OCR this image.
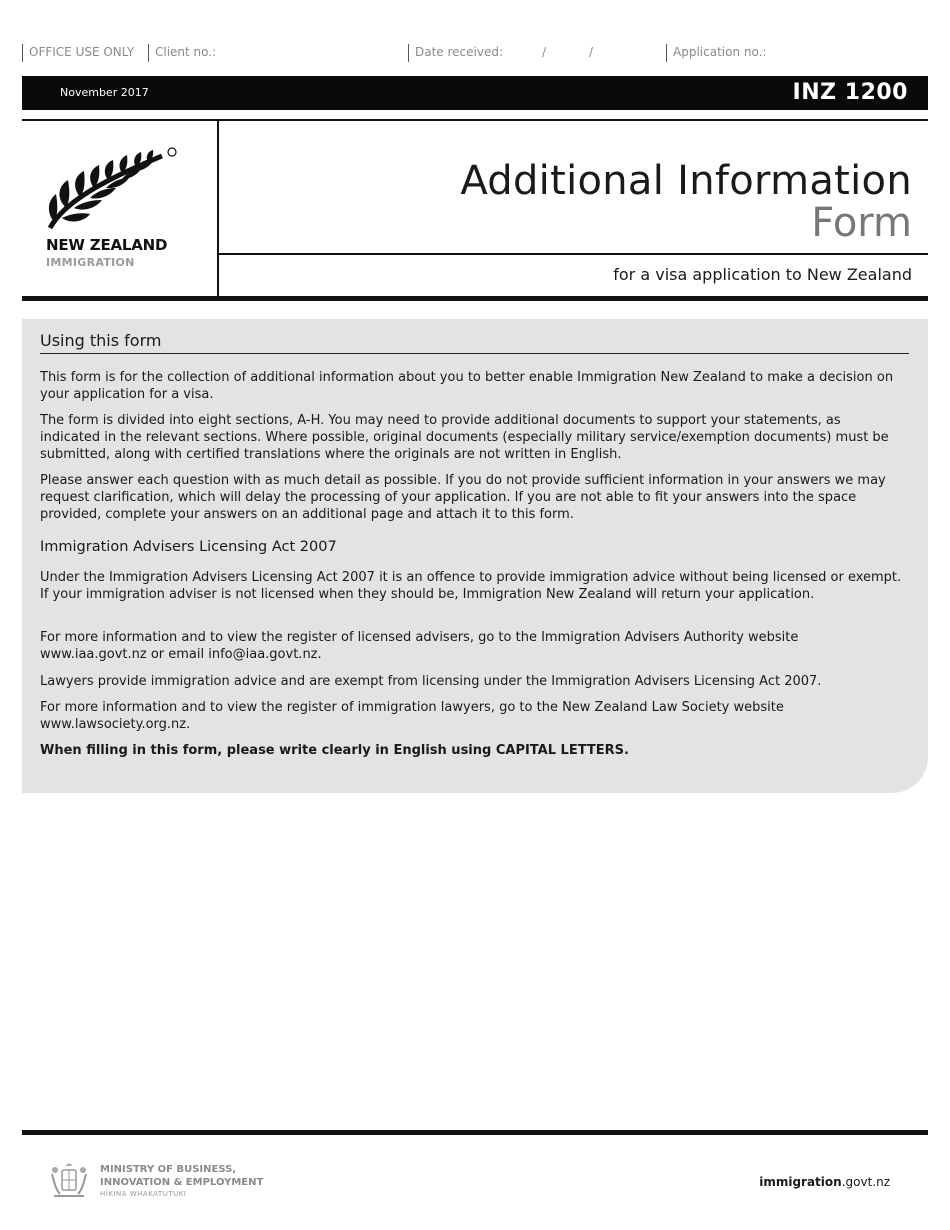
OFFICE USE ONLY	Client no.:	Date received:	/	/	Application no.:
November 2017	INZ 1200
NEW ZEALAND
IMMIGRATION
Additional Information
Form
for a visa application to New Zealand
Using this form
This form is for the collection of additional information about you to better enable Immigration New Zealand to make a decision on your application for a visa.
The form is divided into eight sections, A-H. You may need to provide additional documents to support your statements, as indicated in the relevant sections. Where possible, original documents (especially military service/exemption documents) must be submitted, along with certified translations where the originals are not written in English.
Please answer each question with as much detail as possible. If you do not provide sufficient information in your answers we may request clarification, which will delay the processing of your application. If you are not able to fit your answers into the space provided, complete your answers on an additional page and attach it to this form.
Immigration Advisers Licensing Act 2007
Under the Immigration Advisers Licensing Act 2007 it is an offence to provide immigration advice without being licensed or exempt. If your immigration adviser is not licensed when they should be, Immigration New Zealand will return your application.
For more information and to view the register of licensed advisers, go to the Immigration Advisers Authority website www.iaa.govt.nz or email info@iaa.govt.nz.
Lawyers provide immigration advice and are exempt from licensing under the Immigration Advisers Licensing Act 2007.
For more information and to view the register of immigration lawyers, go to the New Zealand Law Society website www.lawsociety.org.nz.
When filling in this form, please write clearly in English using CAPITAL LETTERS.
MINISTRY OF BUSINESS,
INNOVATION & EMPLOYMENT
HĪKINA WHAKATUTUKI
immigration.govt.nz
